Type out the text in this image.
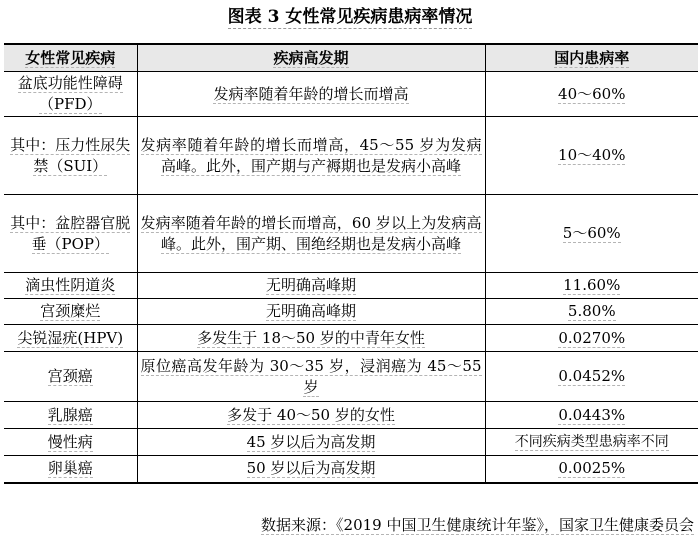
图表 3 女性常见疾病患病率情况
女性常见疾病	疾病高发期	国内患病率
盆底功能性障碍（PFD）	发病率随着年龄的增长而增高	40～60%
其中：压力性尿失禁（SUI）	发病率随着年龄的增长而增高，45～55 岁为发病高峰。此外，围产期与产褥期也是发病小高峰	10～40%
其中：盆腔器官脱垂（POP）	发病率随着年龄的增长而增高，60 岁以上为发病高峰。此外，围产期、围绝经期也是发病小高峰	5～60%
滴虫性阴道炎	无明确高峰期	11.60%
宫颈糜烂	无明确高峰期	5.80%
尖锐湿疣(HPV)	多发生于 18～50 岁的中青年女性	0.0270%
宫颈癌	原位癌高发年龄为 30～35 岁，浸润癌为 45～55 岁	0.0452%
乳腺癌	多发于 40～50 岁的女性	0.0443%
慢性病	45 岁以后为高发期	不同疾病类型患病率不同
卵巢癌	50 岁以后为高发期	0.0025%
数据来源：《2019 中国卫生健康统计年鉴》，国家卫生健康委员会
